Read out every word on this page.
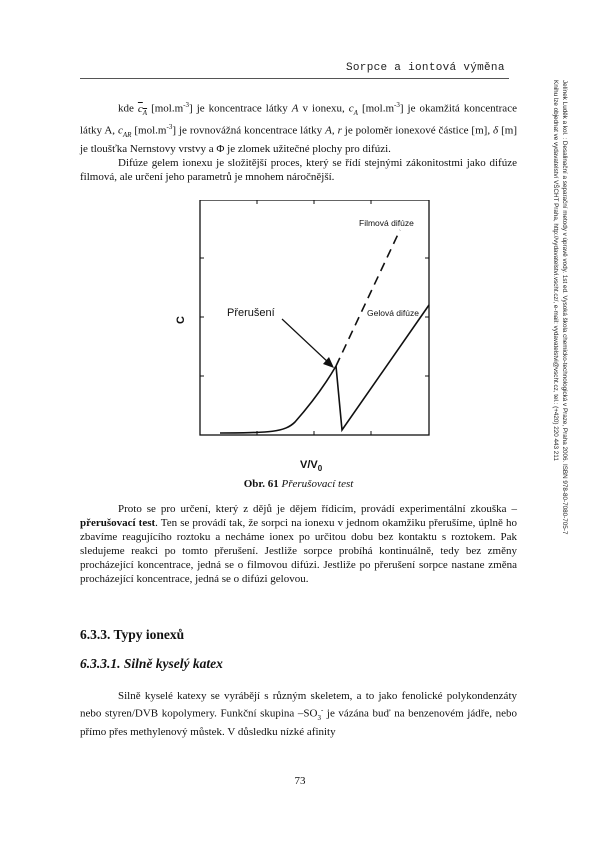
Sorpce a iontová výměna
Jelínek Luděk a kol. : Desalinační a separační metody v úpravě vody. 1st ed. Vysoká škola chemicko-technologická v Praze, Praha 2006. ISBN 978-80-7080-705-7
Knihu lze objednat ve vydavatelství VŠCHT Praha, http://vydavatelstvi.vscht.cz/, e-mail: vydavatelstvi@vscht.cz, tel.: (+420) 220 443 211

kde $c_A$ $[mol.m^{-3}]$ je koncentrace látky A v ionexu, $c_A$ $[mol.m^{-3}]$ je okamžitá koncentrace látky A, $c_{AR}$ $[mol.m^{-3}]$ je rovnovážná koncentrace látky A, r je poloměr ionexové částice [m], δ [m] je tloušťka Nernstovy vrstvy a Φ je zlomek užitečné plochy pro difúzi.

Difúze gelem ionexu je složitější proces, který se řídí stejnými zákonitostmi jako difúze filmová, ale určení jeho parametrů je mnohem náročnější.

Filmová difúze
Gelová difúze
Přerušení
C
$V/V_0$
Obr. 61 Přerušovací test

Proto se pro určení, který z dějů je dějem řídicím, provádí experimentální zkouška – přerušovací test. Ten se provádí tak, že sorpci na ionexu v jednom okamžiku přerušíme, úplně ho zbavíme reagujícího roztoku a necháme ionex po určitou dobu bez kontaktu s roztokem. Pak sledujeme reakci po tomto přerušení. Jestliže sorpce probíhá kontinuálně, tedy bez změny procházející koncentrace, jedná se o filmovou difúzi. Jestliže po přerušení sorpce nastane změna procházející koncentrace, jedná se o difúzi gelovou.

6.3.3. Typy ionexů
6.3.3.1. Silně kyselý katex

Silně kyselé katexy se vyrábějí s různým skeletem, a to jako fenolické polykondenzáty nebo styren/DVB kopolymery. Funkční skupina $-SO_3^-$ je vázána buď na benzenovém jádře, nebo přímo přes methylenový můstek. V důsledku nízké afinity

73
